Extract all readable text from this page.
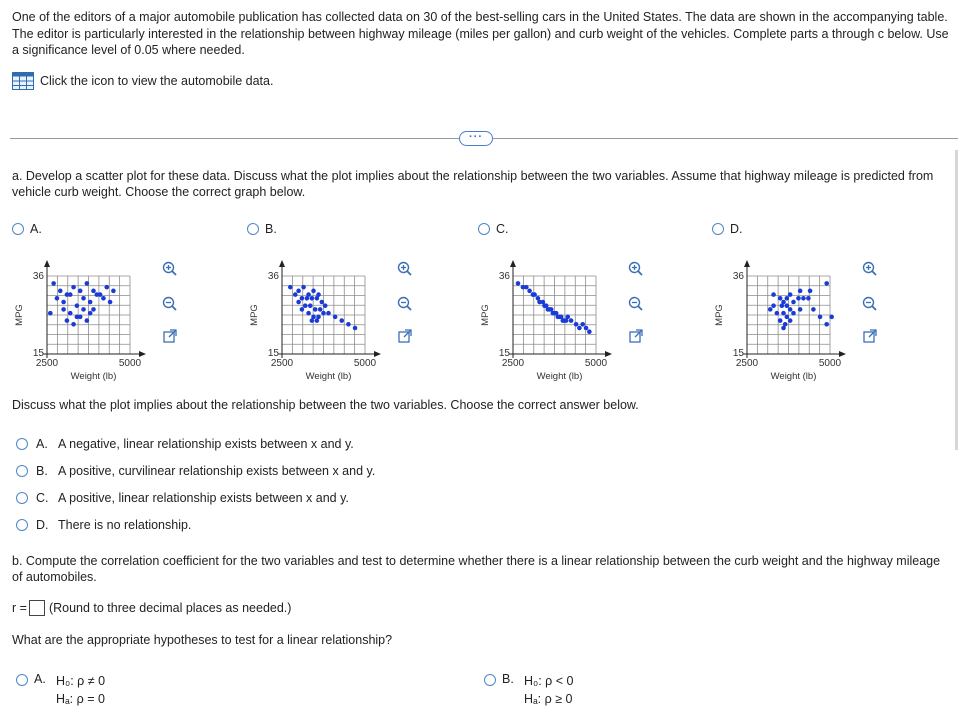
One of the editors of a major automobile publication has collected data on 30 of the best-selling cars in the United States. The data are shown in the accompanying table. The editor is particularly interested in the relationship between highway mileage (miles per gallon) and curb weight of the vehicles. Complete parts a through c below. Use a significance level of 0.05 where needed.
Click the icon to view the automobile data.
···
a. Develop a scatter plot for these data. Discuss what the plot implies about the relationship between the two variables. Assume that highway mileage is predicted from vehicle curb weight. Choose the correct graph below.
A.
36
15
2500	5000
Weight (lb)
MPG
B.
36
15
2500	5000
Weight (lb)
MPG
C.
36
15
2500	5000
Weight (lb)
MPG
D.
36
15
2500	5000
Weight (lb)
MPG
Discuss what the plot implies about the relationship between the two variables. Choose the correct answer below.
A. A negative, linear relationship exists between x and y.
B. A positive, curvilinear relationship exists between x and y.
C. A positive, linear relationship exists between x and y.
D. There is no relationship.
b. Compute the correlation coefficient for the two variables and test to determine whether there is a linear relationship between the curb weight and the highway mileage of automobiles.
r = (Round to three decimal places as needed.)
What are the appropriate hypotheses to test for a linear relationship?
A. H₀: ρ ≠ 0
Hₐ: ρ = 0
B. H₀: ρ < 0
Hₐ: ρ ≥ 0
